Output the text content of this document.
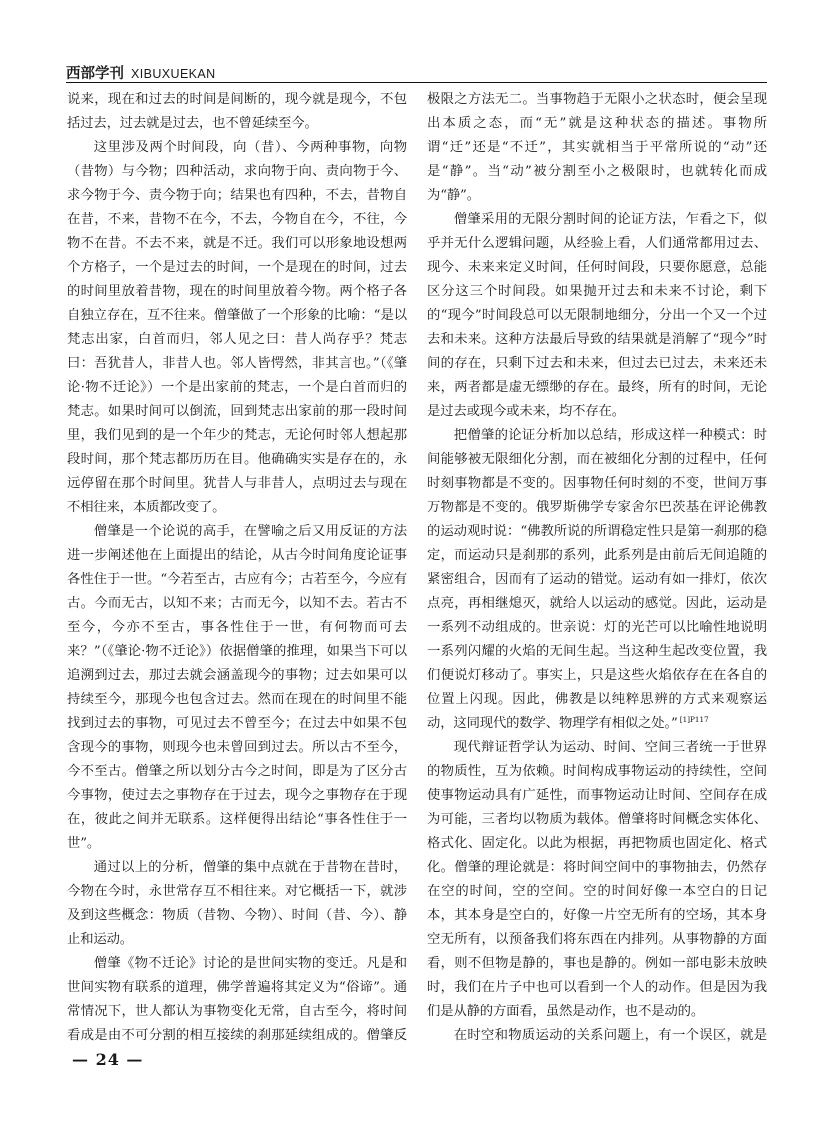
西部学刊 XIBUXUEKAN

说来，现在和过去的时间是间断的，现今就是现今，不包括过去，过去就是过去，也不曾延续至今。

这里涉及两个时间段，向（昔）、今两种事物，向物（昔物）与今物；四种活动，求向物于向、责向物于今、求今物于今、责今物于向；结果也有四种，不去，昔物自在昔，不来，昔物不在今，不去，今物自在今，不往，今物不在昔。不去不来，就是不迁。我们可以形象地设想两个方格子，一个是过去的时间，一个是现在的时间，过去的时间里放着昔物，现在的时间里放着今物。两个格子各自独立存在，互不往来。僧肇做了一个形象的比喻：“是以梵志出家，白首而归，邻人见之曰：昔人尚存乎？梵志曰：吾犹昔人，非昔人也。邻人皆愕然，非其言也。”（《肇论·物不迁论》）一个是出家前的梵志，一个是白首而归的梵志。如果时间可以倒流，回到梵志出家前的那一段时间里，我们见到的是一个年少的梵志，无论何时邻人想起那段时间，那个梵志都历历在目。他确确实实是存在的，永远停留在那个时间里。犹昔人与非昔人，点明过去与现在不相往来，本质都改变了。

僧肇是一个论说的高手，在譬喻之后又用反证的方法进一步阐述他在上面提出的结论，从古今时间角度论证事各性住于一世。“今若至古，古应有今；古若至今，今应有古。今而无古，以知不来；古而无今，以知不去。若古不至今，今亦不至古，事各性住于一世，有何物而可去来？”（《肇论·物不迁论》）依据僧肇的推理，如果当下可以追溯到过去，那过去就会涵盖现今的事物；过去如果可以持续至今，那现今也包含过去。然而在现在的时间里不能找到过去的事物，可见过去不曾至今；在过去中如果不包含现今的事物，则现今也未曾回到过去。所以古不至今，今不至古。僧肇之所以划分古今之时间，即是为了区分古今事物，使过去之事物存在于过去，现今之事物存在于现在，彼此之间并无联系。这样便得出结论“事各性住于一世”。

通过以上的分析，僧肇的集中点就在于昔物在昔时，今物在今时，永世常存互不相往来。对它概括一下，就涉及到这些概念：物质（昔物、今物）、时间（昔、今）、静止和运动。

僧肇《物不迁论》讨论的是世间实物的变迁。凡是和世间实物有联系的道理，佛学普遍将其定义为“俗谛”。通常情况下，世人都认为事物变化无常，自古至今，将时间看成是由不可分割的相互接续的刹那延续组成的。僧肇反

极限之方法无二。当事物趋于无限小之状态时，便会呈现出本质之态，而“无”就是这种状态的描述。事物所谓“迁”还是“不迁”，其实就相当于平常所说的“动”还是“静”。当“动”被分割至小之极限时，也就转化而成为“静”。

僧肇采用的无限分割时间的论证方法，乍看之下，似乎并无什么逻辑问题，从经验上看，人们通常都用过去、现今、未来来定义时间，任何时间段，只要你愿意，总能区分这三个时间段。如果抛开过去和未来不讨论，剩下的“现今”时间段总可以无限制地细分，分出一个又一个过去和未来。这种方法最后导致的结果就是消解了“现今”时间的存在，只剩下过去和未来，但过去已过去，未来还未来，两者都是虚无缥缈的存在。最终，所有的时间，无论是过去或现今或未来，均不存在。

把僧肇的论证分析加以总结，形成这样一种模式：时间能够被无限细化分割，而在被细化分割的过程中，任何时刻事物都是不变的。因事物任何时刻的不变，世间万事万物都是不变的。俄罗斯佛学专家舍尔巴茨基在评论佛教的运动观时说：“佛教所说的所谓稳定性只是第一刹那的稳定，而运动只是刹那的系列，此系列是由前后无间追随的紧密组合，因而有了运动的错觉。运动有如一排灯，依次点亮，再相继熄灭，就给人以运动的感觉。因此，运动是一系列不动组成的。世亲说：灯的光芒可以比喻性地说明一系列闪耀的火焰的无间生起。当这种生起改变位置，我们便说灯移动了。事实上，只是这些火焰依存在在各自的位置上闪现。因此，佛教是以纯粹思辨的方式来观察运动，这同现代的数学、物理学有相似之处。” $^{[1]P117}$

现代辩证哲学认为运动、时间、空间三者统一于世界的物质性，互为依赖。时间构成事物运动的持续性，空间使事物运动具有广延性，而事物运动让时间、空间存在成为可能，三者均以物质为载体。僧肇将时间概念实体化、格式化、固定化。以此为根据，再把物质也固定化、格式化。僧肇的理论就是：将时间空间中的事物抽去，仍然存在空的时间，空的空间。空的时间好像一本空白的日记本，其本身是空白的，好像一片空无所有的空场，其本身空无所有，以预备我们将东西在内排列。从事物静的方面看，则不但物是静的，事也是静的。例如一部电影未放映时，我们在片子中也可以看到一个人的动作。但是因为我们是从静的方面看，虽然是动作，也不是动的。

在时空和物质运动的关系问题上，有一个误区，就是

— 24 —
